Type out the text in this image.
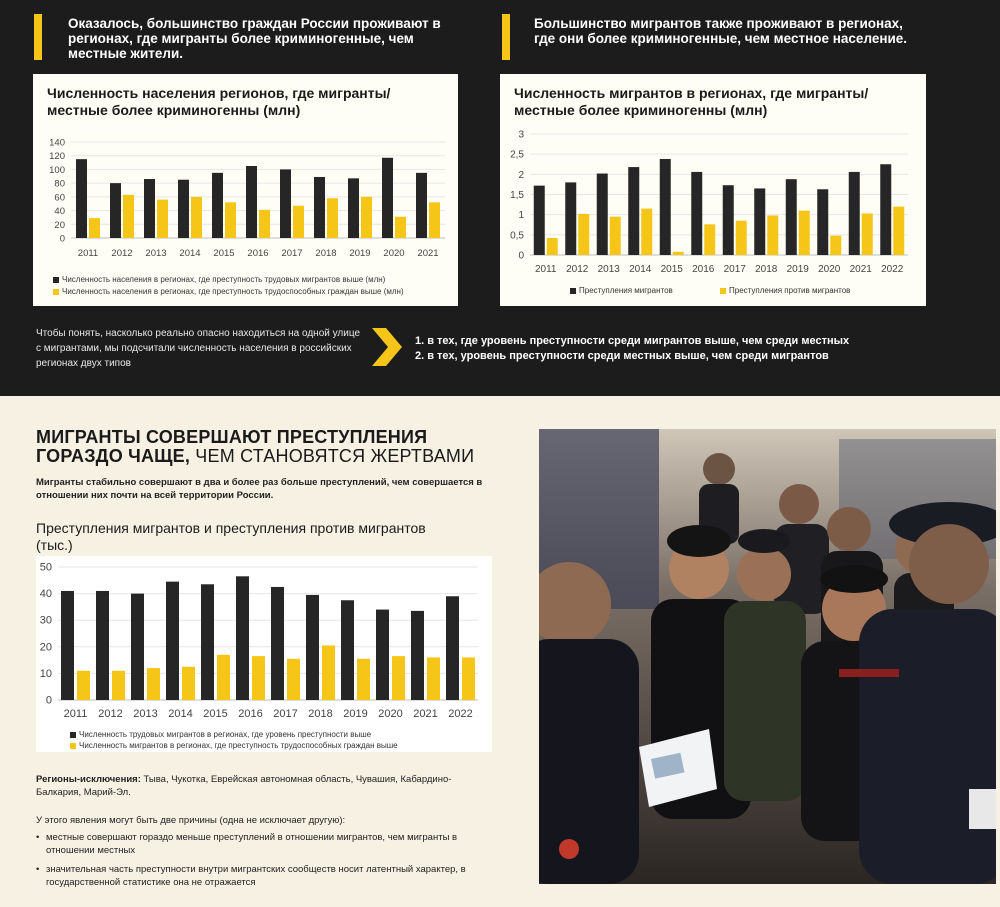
Оказалось, большинство граждан России проживают в регионах, где мигранты более криминогенные, чем местные жители.

Большинство мигрантов также проживают в регионах, где они более криминогенные, чем местное население.

Численность населения регионов, где мигранты/ местные более криминогенны (млн)

0
20
40
60
80
100
120
140
2011 2012 2013 2014 2015 2016 2017 2018 2019 2020 2021
Численность населения в регионах, где преступность трудовых мигрантов выше (млн)
Численность населения в регионах, где преступность трудоспособных граждан выше (млн)

Численность мигрантов в регионах, где мигранты/ местные более криминогенны (млн)

0
0,5
1
1,5
2
2,5
3
2011 2012 2013 2014 2015 2016 2017 2018 2019 2020 2021 2022
Преступления мигрантов	Преступления против мигрантов

Чтобы понять, насколько реально опасно находиться на одной улице с мигрантами, мы подсчитали численность населения в российских регионах двух типов

1. в тех, где уровень преступности среди мигрантов выше, чем среди местных
2. в тех, уровень преступности среди местных выше, чем среди мигрантов
МИГРАНТЫ СОВЕРШАЮТ ПРЕСТУПЛЕНИЯ ГОРАЗДО ЧАЩЕ, ЧЕМ СТАНОВЯТСЯ ЖЕРТВАМИ

Мигранты стабильно совершают в два и более раз больше преступлений, чем совершается в отношении них почти на всей территории России.

Преступления мигрантов и преступления против мигрантов (тыс.)

0
10
20
30
40
50
2011 2012 2013 2014 2015 2016 2017 2018 2019 2020 2021 2022
Численность трудовых мигрантов в регионах, где уровень преступности выше
Численность мигрантов в регионах, где преступность трудоспособных граждан выше

Регионы-исключения: Тыва, Чукотка, Еврейская автономная область, Чувашия, Кабардино-Балкария, Марий-Эл.

У этого явления могут быть две причины (одна не исключает другую):

• местные совершают гораздо меньше преступлений в отношении мигрантов, чем мигранты в отношении местных
• значительная часть преступности внутри мигрантских сообществ носит латентный характер, в государственной статистике она не отражается
